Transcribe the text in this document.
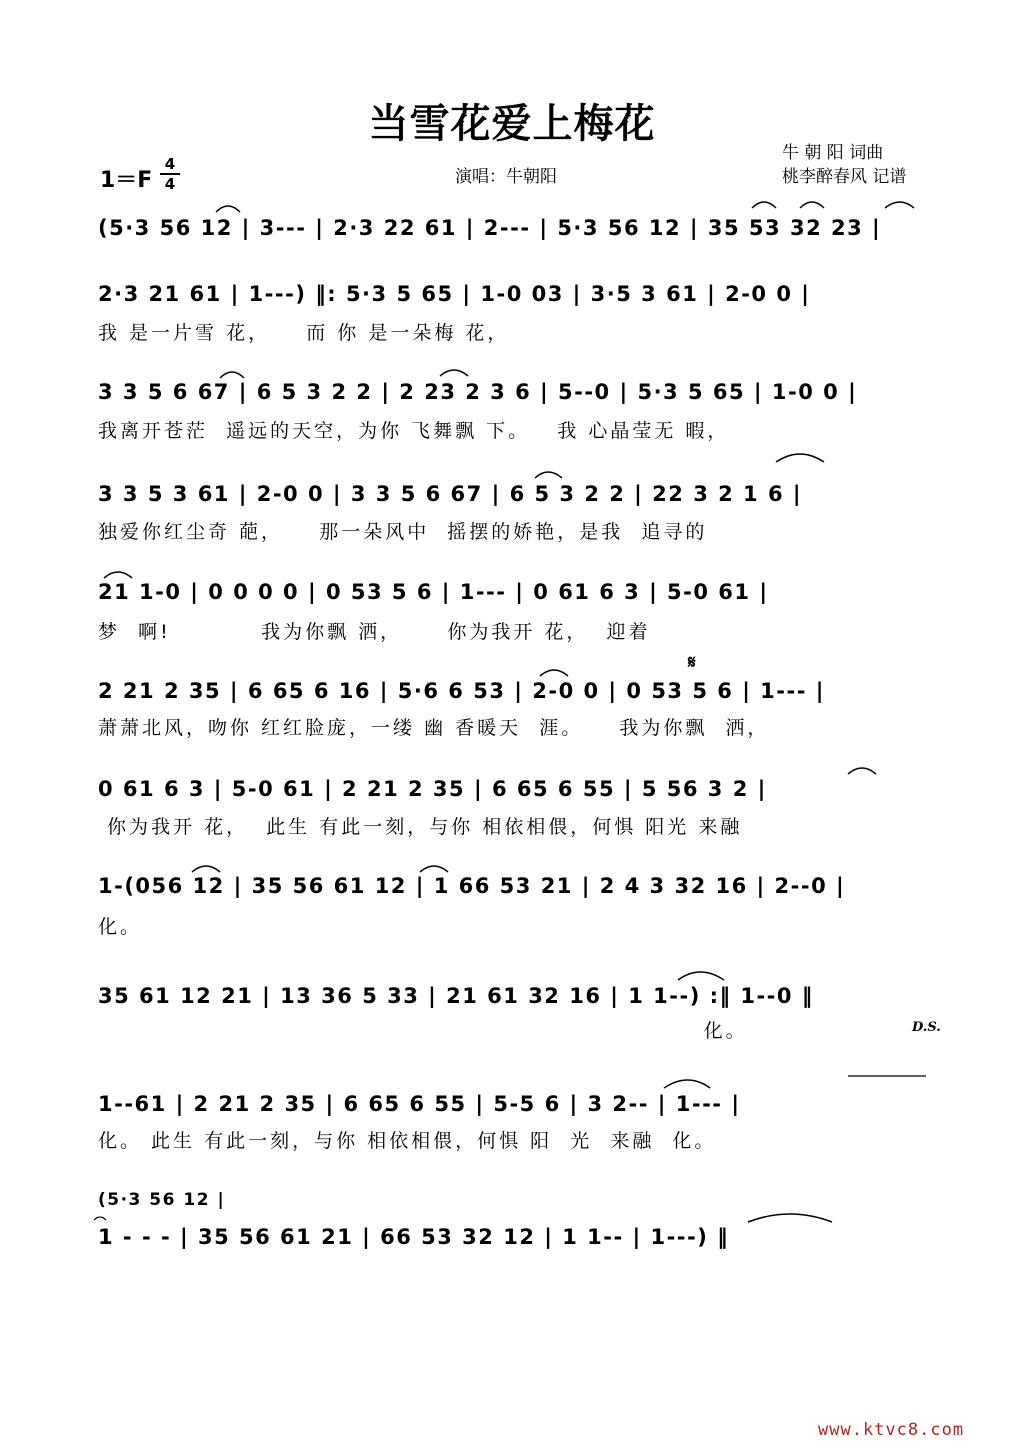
当雪花爱上梅花
牛 朝 阳 词曲
桃李醉春风 记谱
演唱：牛朝阳
1＝F
4
4
(5·3 56 12 | 3--- | 2·3 22 61 | 2--- | 5·3 56 12 | 35 53 32 23 |
2·3 21 61 | 1---) ‖: 5·3 5 65 | 1-0 03 | 3·5 3 61 | 2-0 0 |
我 是一片雪 花，    而 你 是一朵梅 花，
3 3 5 6 67 | 6 5 3 2 2 | 2 23 2 3 6 | 5--0 | 5·3 5 65 | 1-0 0 |
我离开苍茫  遥远的天空，为你 飞舞飘 下。   我 心晶莹无 暇，
3 3 5 3 61 | 2-0 0 | 3 3 5 6 67 | 6 5 3 2 2 | 22 3 2 1 6 |
独爱你红尘奇 葩，    那一朵风中  摇摆的娇艳，是我  追寻的
21 1-0 | 0 0 0 0 | 0 53 5 6 | 1--- | 0 61 6 3 | 5-0 61 |
梦  啊!          我为你飘 洒，     你为我开 花，  迎着
𝄋
2 21 2 35 | 6 65 6 16 | 5·6 6 53 | 2-0 0 | 0 53 5 6 | 1--- |
萧萧北风，吻你 红红脸庞，一缕 幽 香暖天  涯。    我为你飘  洒，
0 61 6 3 | 5-0 61 | 2 21 2 35 | 6 65 6 55 | 5 56 3 2 |
你为我开 花，  此生 有此一刻，与你 相依相偎，何惧 阳光 来融
1-(056 12 | 35 56 61 12 | 1 66 53 21 | 2 4 3 32 16 | 2--0 |
化。
35 61 12 21 | 13 36 5 33 | 21 61 32 16 | 1 1--) :‖ 1--0 ‖
化。	D.S.
1--61 | 2 21 2 35 | 6 65 6 55 | 5-5 6 | 3 2-- | 1--- |
化。 此生 有此一刻，与你 相依相偎，何惧 阳  光  来融  化。
(5·3 56 12 |
1 - - - | 35 56 61 21 | 66 53 32 12 | 1 1-- | 1---) ‖
www.ktvc8.com
